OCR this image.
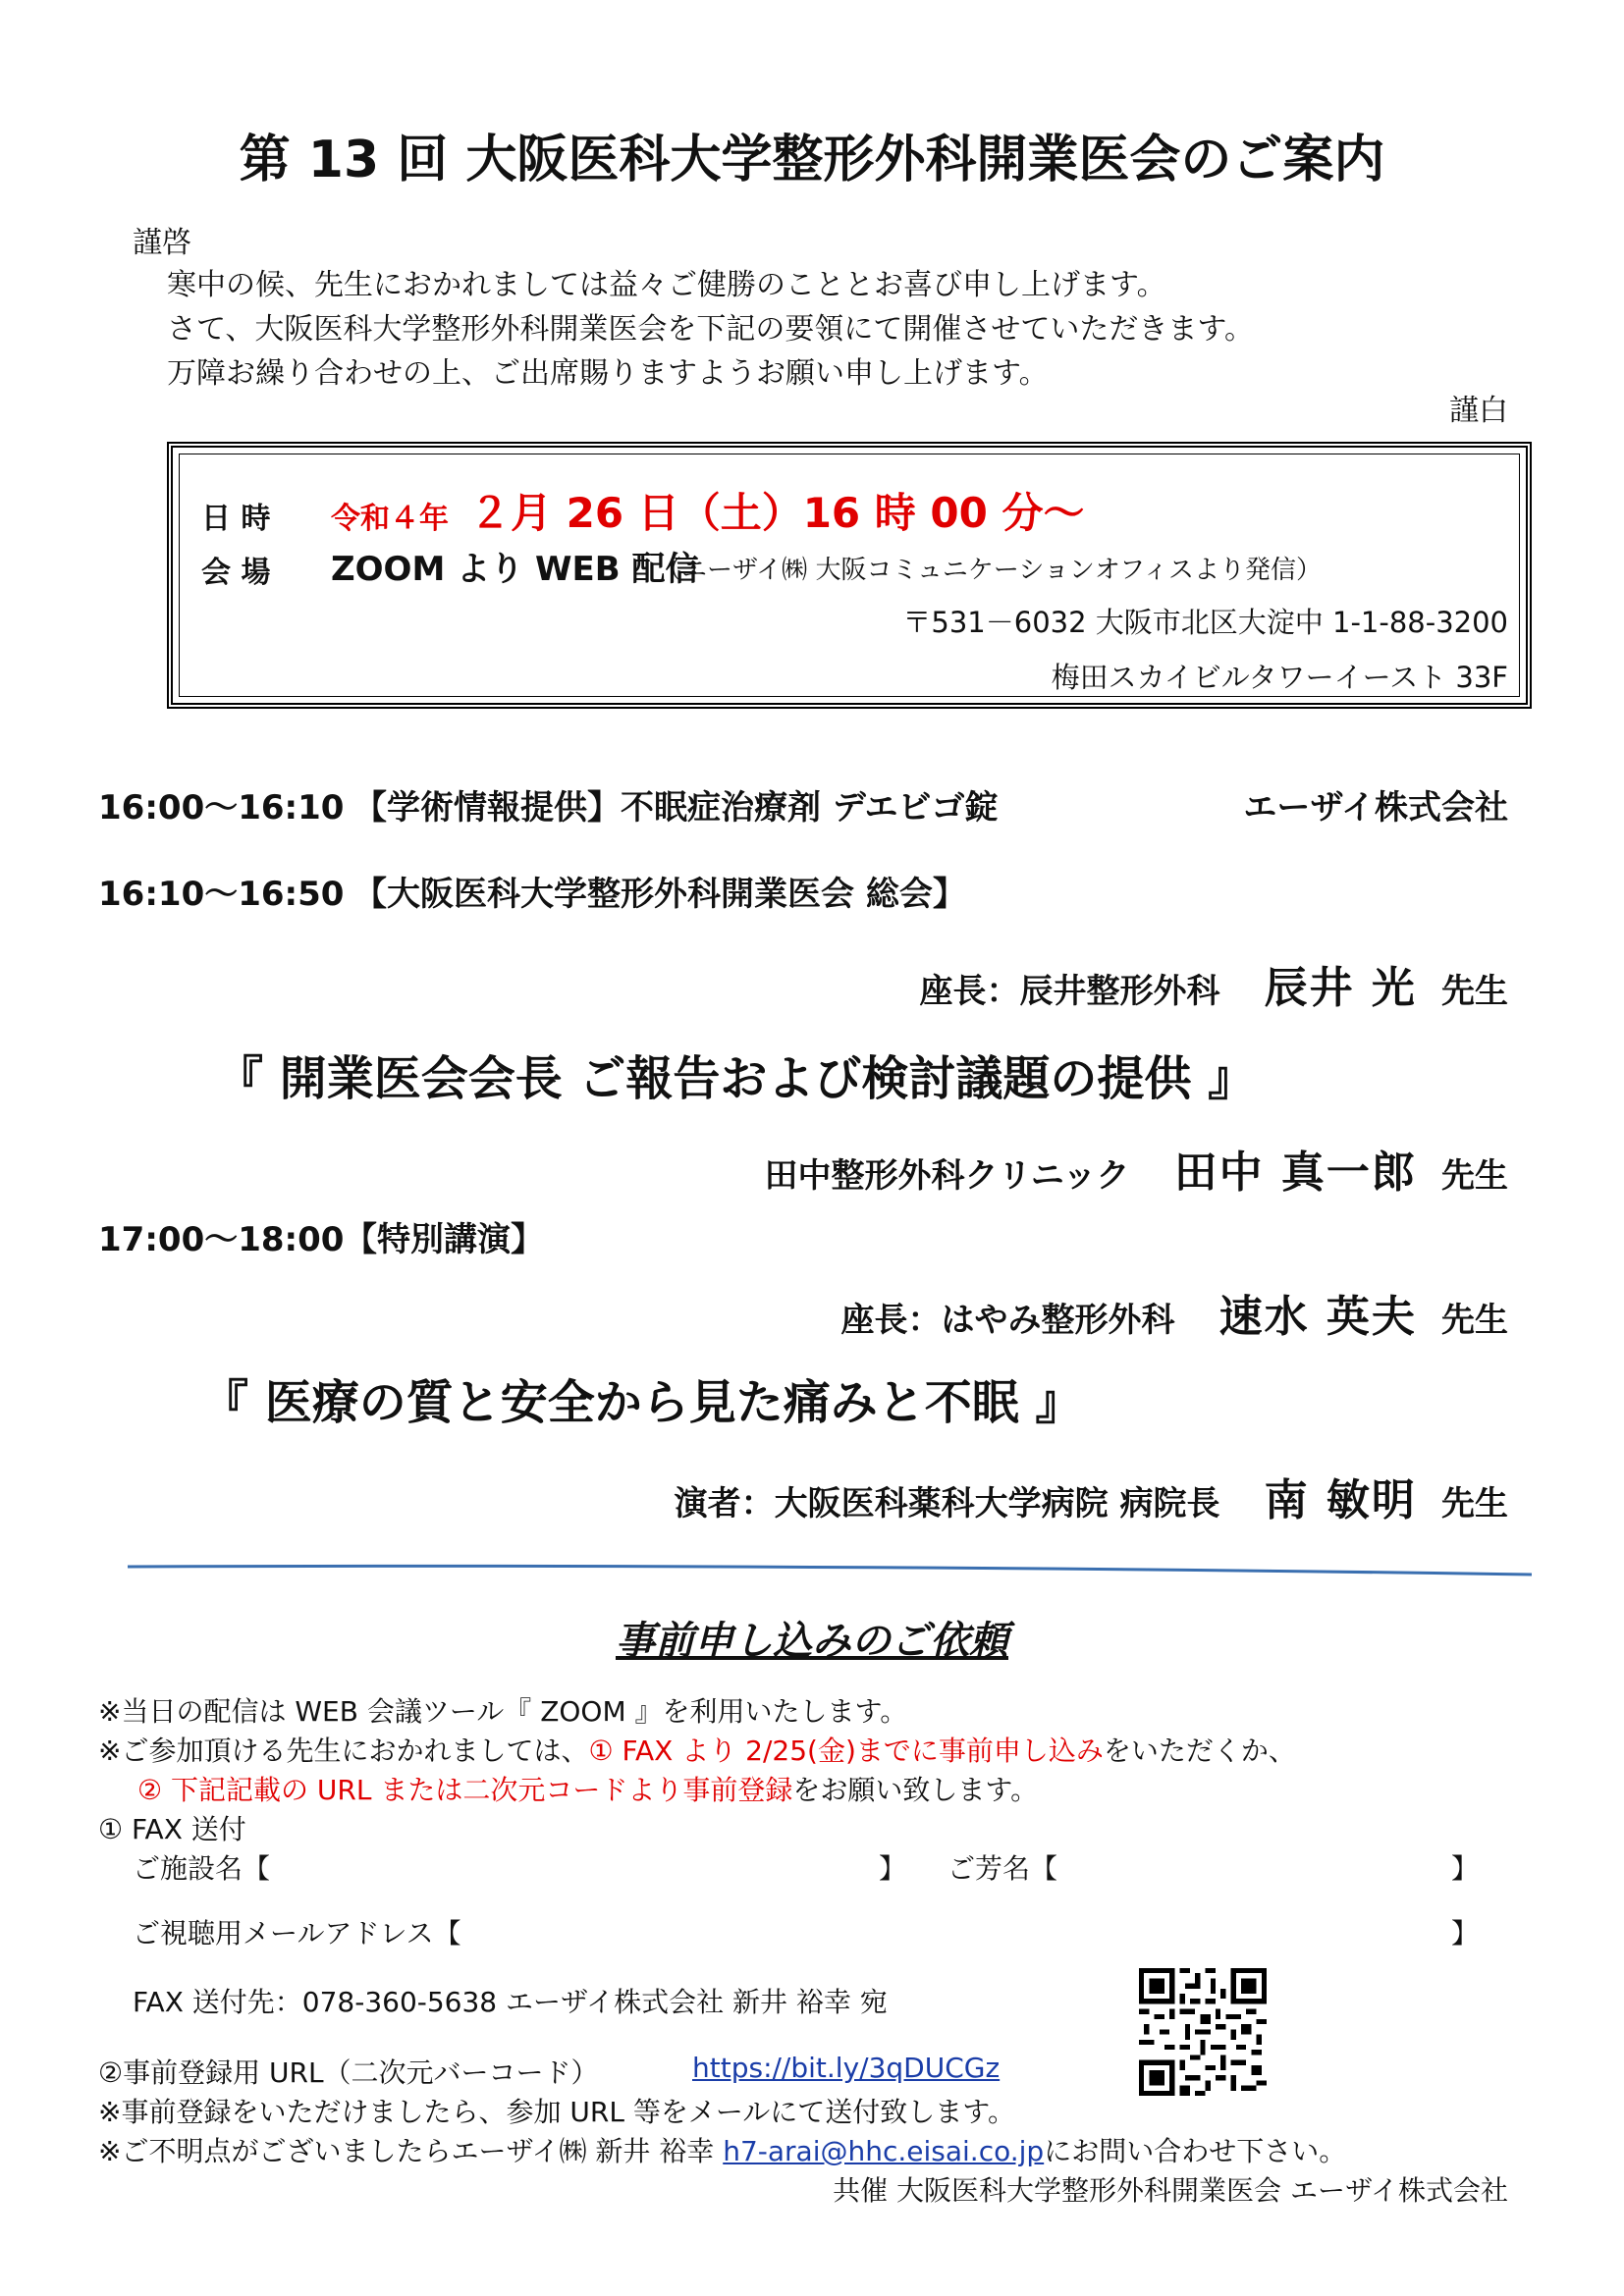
第 13 回 大阪医科大学整形外科開業医会のご案内
謹啓
寒中の候、先生におかれましては益々ご健勝のこととお喜び申し上げます。
さて、大阪医科大学整形外科開業医会を下記の要領にて開催させていただきます。
万障お繰り合わせの上、ご出席賜りますようお願い申し上げます。
謹白
日 時 令和４年 ２月 26 日（土）16 時 00 分～
会 場 ZOOM より WEB 配信
（エーザイ㈱ 大阪コミュニケーションオフィスより発信）
〒531－6032 大阪市北区大淀中 1-1-88-3200
梅田スカイビルタワーイースト 33F
16:00～16:10 【学術情報提供】不眠症治療剤 デエビゴ錠	エーザイ株式会社
16:10～16:50 【大阪医科大学整形外科開業医会 総会】
座長：辰井整形外科 辰井 光 先生
『 開業医会会長 ご報告および検討議題の提供 』
田中整形外科クリニック 田中 真一郎 先生
17:00～18:00 【特別講演】
座長：はやみ整形外科 速水 英夫 先生
『 医療の質と安全から見た痛みと不眠 』
演者：大阪医科薬科大学病院 病院長 南 敏明 先生
事前申し込みのご依頼
※当日の配信は WEB 会議ツール『 ZOOM 』を利用いたします。
※ご参加頂ける先生におかれましては、① FAX より 2/25(金)までに事前申し込みをいただくか、
② 下記記載の URL または二次元コードより事前登録をお願い致します。
① FAX 送付
ご施設名【	】 ご芳名【	】
ご視聴用メールアドレス【	】
FAX 送付先：078-360-5638 エーザイ株式会社 新井 裕幸 宛
②事前登録用 URL（二次元バーコード）	https://bit.ly/3qDUCGz
※事前登録をいただけましたら、参加 URL 等をメールにて送付致します。
※ご不明点がございましたらエーザイ㈱ 新井 裕幸 h7-arai@hhc.eisai.co.jpにお問い合わせ下さい。
共催 大阪医科大学整形外科開業医会 エーザイ株式会社
